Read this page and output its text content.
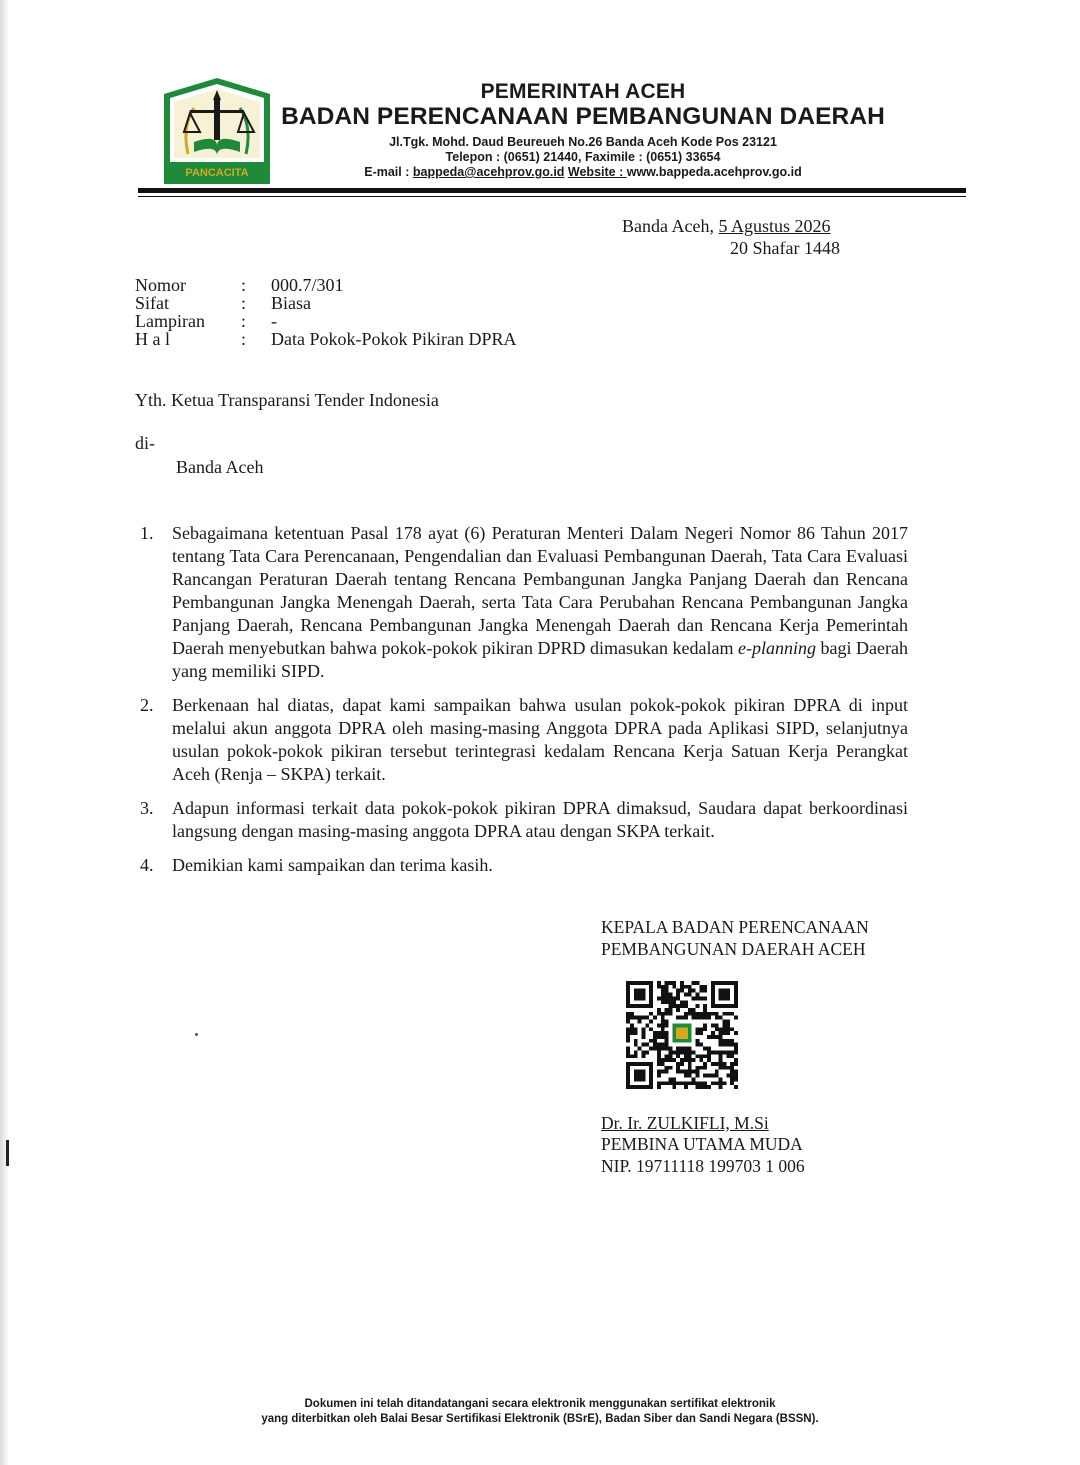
PANCACITA
PEMERINTAH ACEH
BADAN PERENCANAAN PEMBANGUNAN DAERAH
Jl.Tgk. Mohd. Daud Beureueh No.26 Banda Aceh Kode Pos 23121
Telepon : (0651) 21440, Faximile : (0651) 33654
E-mail : bappeda@acehprov.go.id Website : www.bappeda.acehprov.go.id
Banda Aceh, 5 Agustus 2026
20 Shafar 1448
Nomor	: 000.7/301
Sifat	: Biasa
Lampiran : -
H a l	: Data Pokok-Pokok Pikiran DPRA
Yth. Ketua Transparansi Tender Indonesia
di-
Banda Aceh
1. Sebagaimana ketentuan Pasal 178 ayat (6) Peraturan Menteri Dalam Negeri Nomor 86 Tahun 2017 tentang Tata Cara Perencanaan, Pengendalian dan Evaluasi Pembangunan Daerah, Tata Cara Evaluasi Rancangan Peraturan Daerah tentang Rencana Pembangunan Jangka Panjang Daerah dan Rencana Pembangunan Jangka Menengah Daerah, serta Tata Cara Perubahan Rencana Pembangunan Jangka Panjang Daerah, Rencana Pembangunan Jangka Menengah Daerah dan Rencana Kerja Pemerintah Daerah menyebutkan bahwa pokok-pokok pikiran DPRD dimasukan kedalam e-planning bagi Daerah yang memiliki SIPD.
2. Berkenaan hal diatas, dapat kami sampaikan bahwa usulan pokok-pokok pikiran DPRA di input melalui akun anggota DPRA oleh masing-masing Anggota DPRA pada Aplikasi SIPD, selanjutnya usulan pokok-pokok pikiran tersebut terintegrasi kedalam Rencana Kerja Satuan Kerja Perangkat Aceh (Renja – SKPA) terkait.
3. Adapun informasi terkait data pokok-pokok pikiran DPRA dimaksud, Saudara dapat berkoordinasi langsung dengan masing-masing anggota DPRA atau dengan SKPA terkait.
4. Demikian kami sampaikan dan terima kasih.
KEPALA BADAN PERENCANAAN
PEMBANGUNAN DAERAH ACEH
Dr. Ir. ZULKIFLI, M.Si
PEMBINA UTAMA MUDA
NIP. 19711118 199703 1 006
Dokumen ini telah ditandatangani secara elektronik menggunakan sertifikat elektronik
yang diterbitkan oleh Balai Besar Sertifikasi Elektronik (BSrE), Badan Siber dan Sandi Negara (BSSN).
